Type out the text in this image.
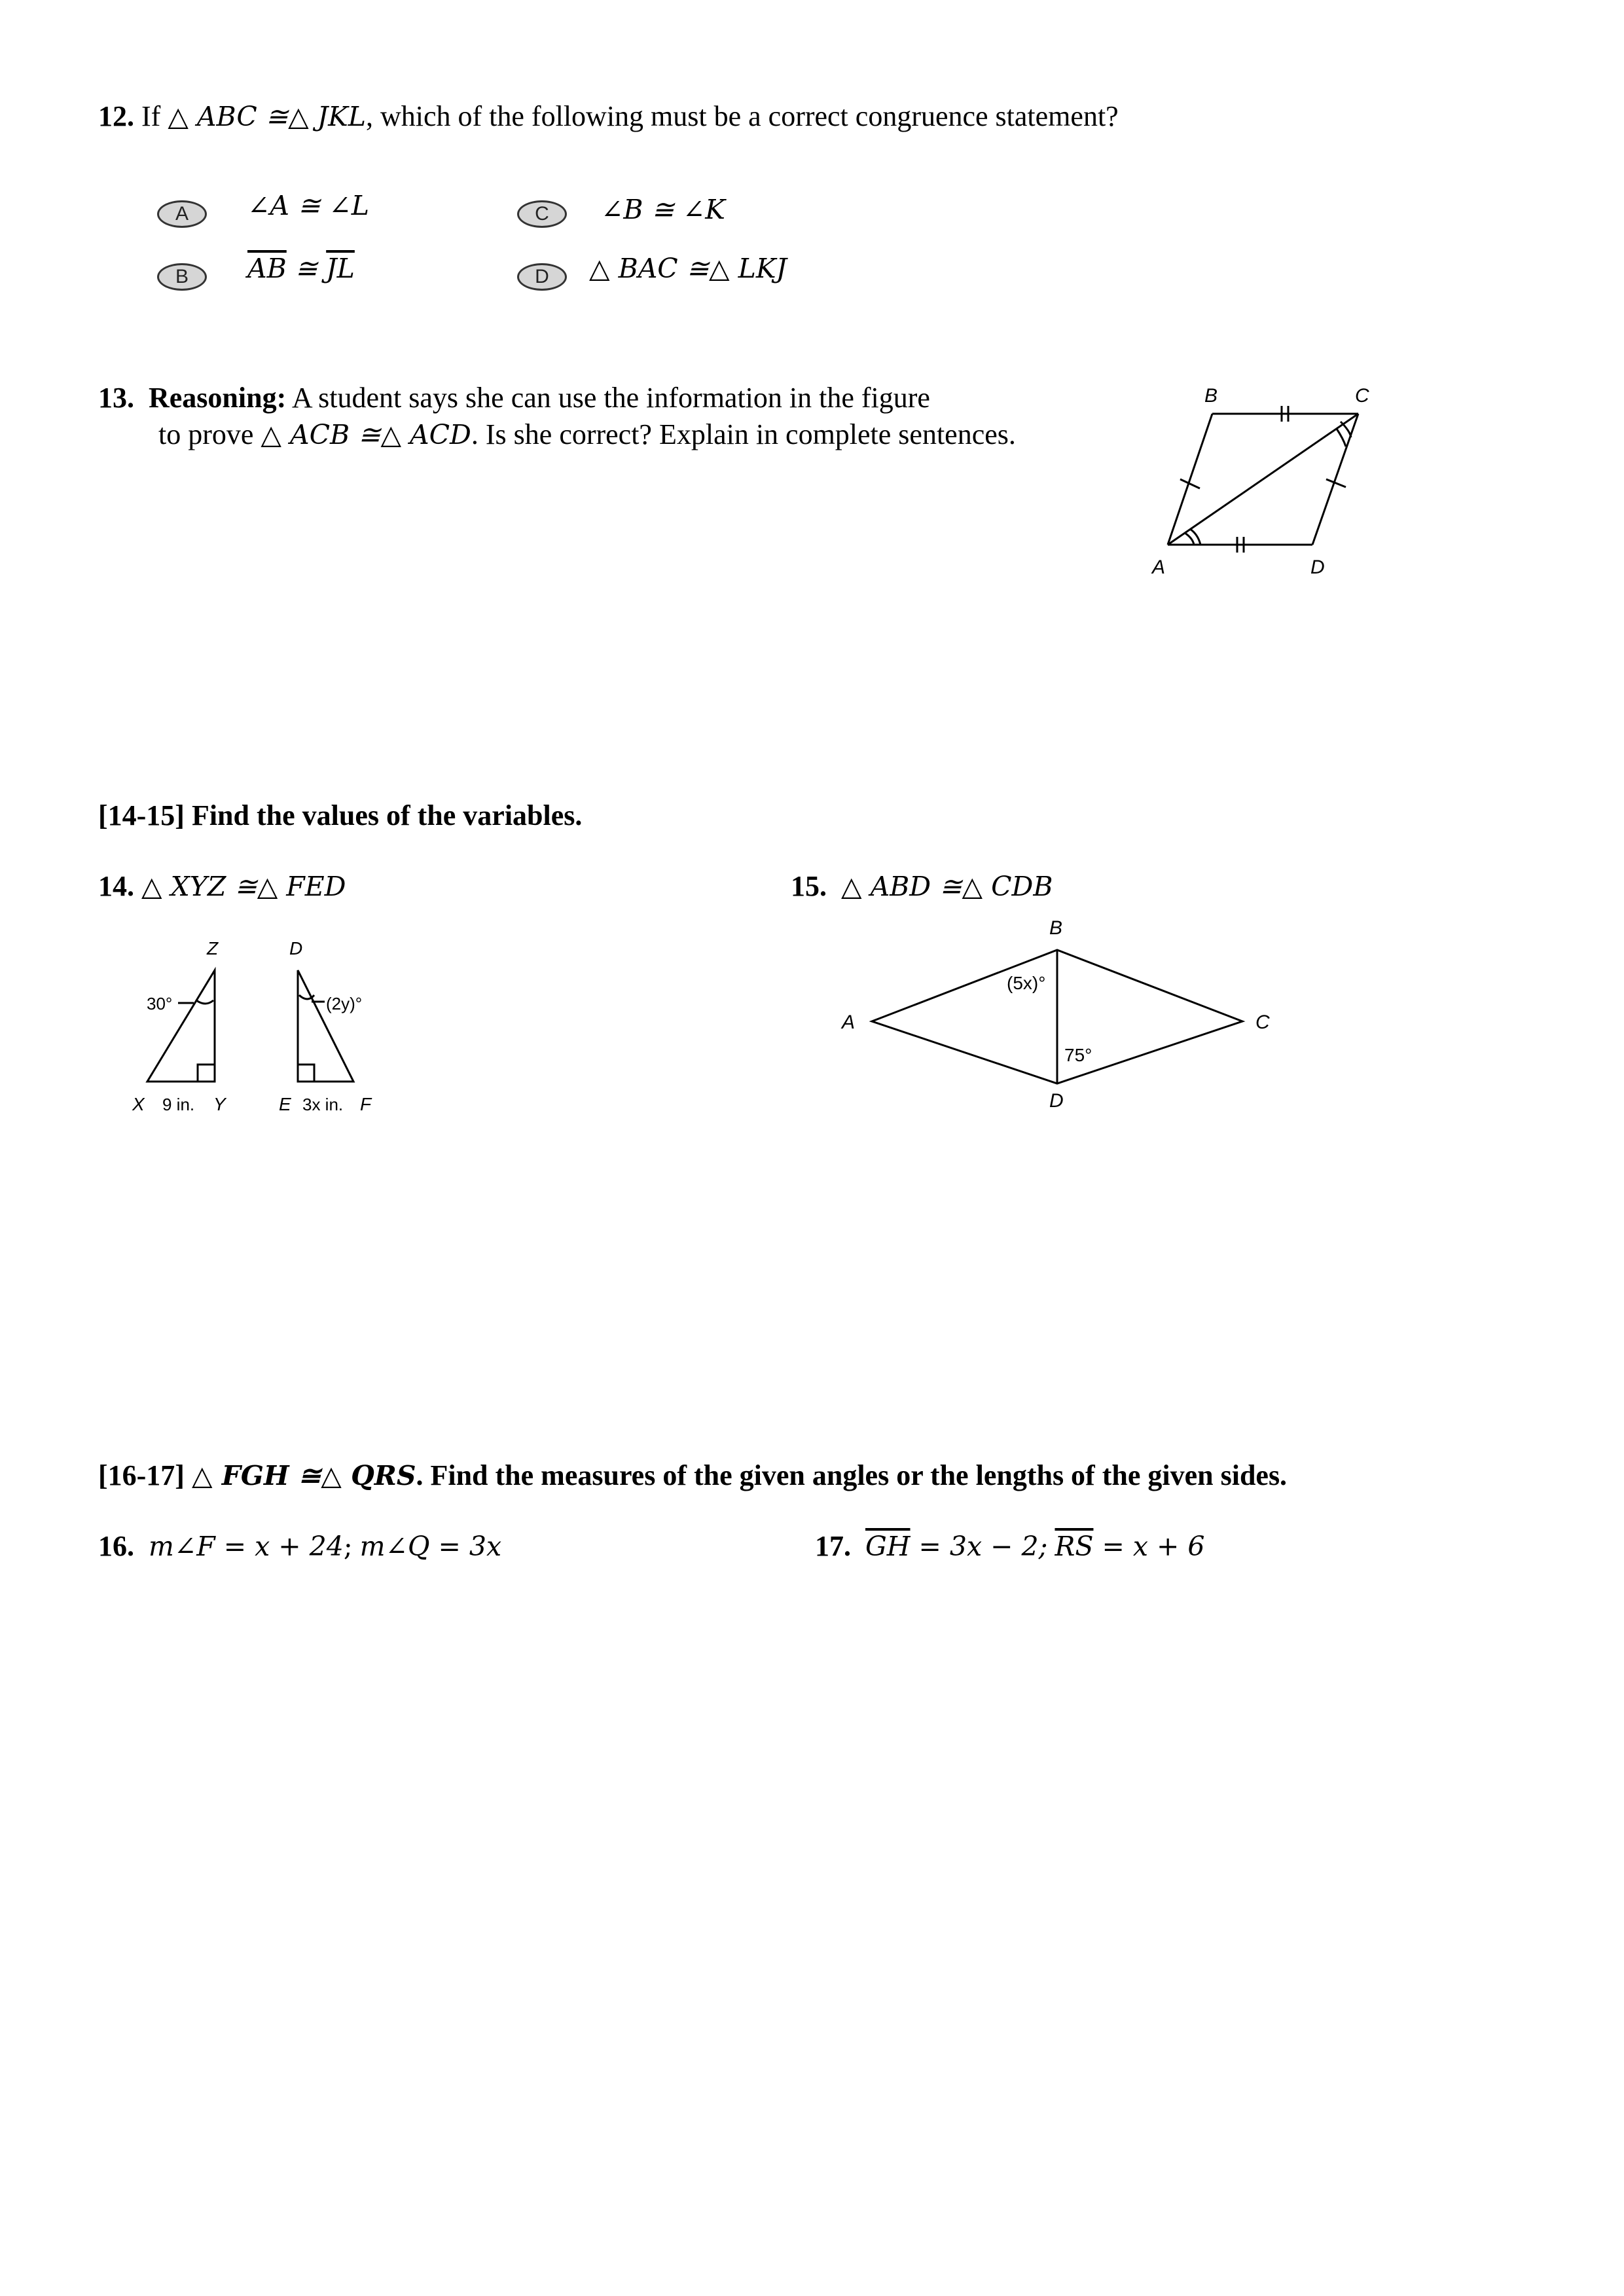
12. If △ ABC ≅△ JKL, which of the following must be a correct congruence statement?
A	∠A ≅ ∠L
B	$\overline{AB}$ ≅ $\overline{JL}$
C	∠B ≅ ∠K
D	△ BAC ≅△ LKJ
13. Reasoning: A student says she can use the information in the figure
to prove △ ACB ≅△ ACD. Is she correct? Explain in complete sentences.
B	C
A	D
[14-15] Find the values of the variables.
14. △ XYZ ≅△ FED	15. △ ABD ≅△ CDB
Z
X	Y
30°
9 in.
D
E	F
(2y)°
3x in.
B
A	C
D
(5x)°
75°
[16-17] △ FGH ≅△ QRS. Find the measures of the given angles or the lengths of the given sides.
16. m∠F = x + 24; m∠Q = 3x	17. $\overline{GH} = 3x - 2$; $\overline{RS} = x + 6$
